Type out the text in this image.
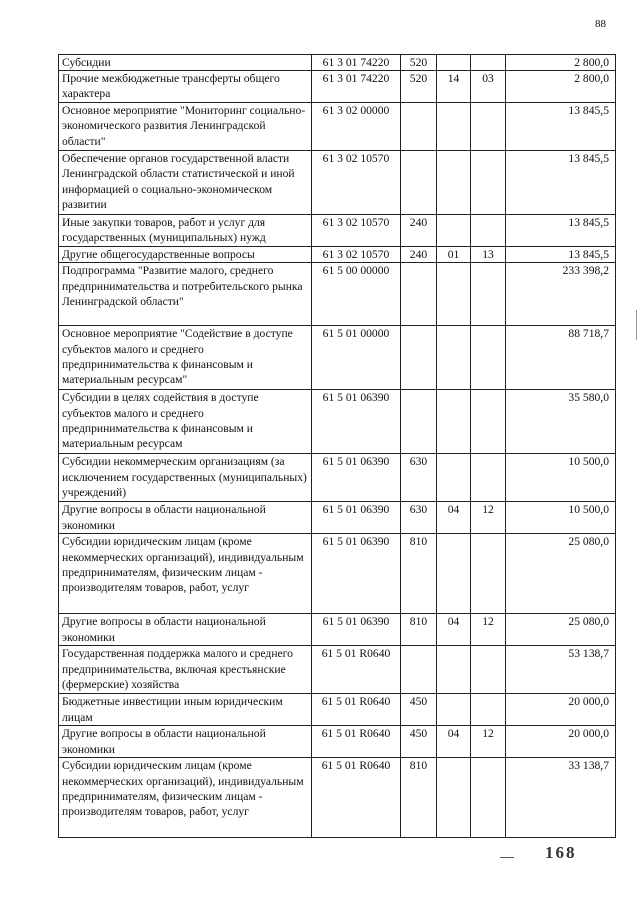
88
Субсидии	61 3 01 74220	520			2 800,0
Прочие межбюджетные трансферты общего характера	61 3 01 74220	520	14	03	2 800,0
Основное мероприятие "Мониторинг социально-экономического развития Ленинградской области"	61 3 02 00000				13 845,5
Обеспечение органов государственной власти Ленинградской области статистической и иной информацией о социально-экономическом развитии	61 3 02 10570				13 845,5
Иные закупки товаров, работ и услуг для государственных (муниципальных) нужд	61 3 02 10570	240			13 845,5
Другие общегосударственные вопросы	61 3 02 10570	240	01	13	13 845,5
Подпрограмма "Развитие малого, среднего предпринимательства и потребительского рынка Ленинградской области"	61 5 00 00000				233 398,2
Основное мероприятие "Содействие в доступе субъектов малого и среднего предпринимательства к финансовым и материальным ресурсам"	61 5 01 00000				88 718,7
Субсидии в целях содействия в доступе субъектов малого и среднего предпринимательства к финансовым и материальным ресурсам	61 5 01 06390				35 580,0
Субсидии некоммерческим организациям (за исключением государственных (муниципальных) учреждений)	61 5 01 06390	630			10 500,0
Другие вопросы в области национальной экономики	61 5 01 06390	630	04	12	10 500,0
Субсидии юридическим лицам (кроме некоммерческих организаций), индивидуальным предпринимателям, физическим лицам - производителям товаров, работ, услуг	61 5 01 06390	810			25 080,0
Другие вопросы в области национальной экономики	61 5 01 06390	810	04	12	25 080,0
Государственная поддержка малого и среднего предпринимательства, включая крестьянские (фермерские) хозяйства	61 5 01 R0640				53 138,7
Бюджетные инвестиции иным юридическим лицам	61 5 01 R0640	450			20 000,0
Другие вопросы в области национальной экономики	61 5 01 R0640	450	04	12	20 000,0
Субсидии юридическим лицам (кроме некоммерческих организаций), индивидуальным предпринимателям, физическим лицам - производителям товаров, работ, услуг	61 5 01 R0640	810			33 138,7
168
